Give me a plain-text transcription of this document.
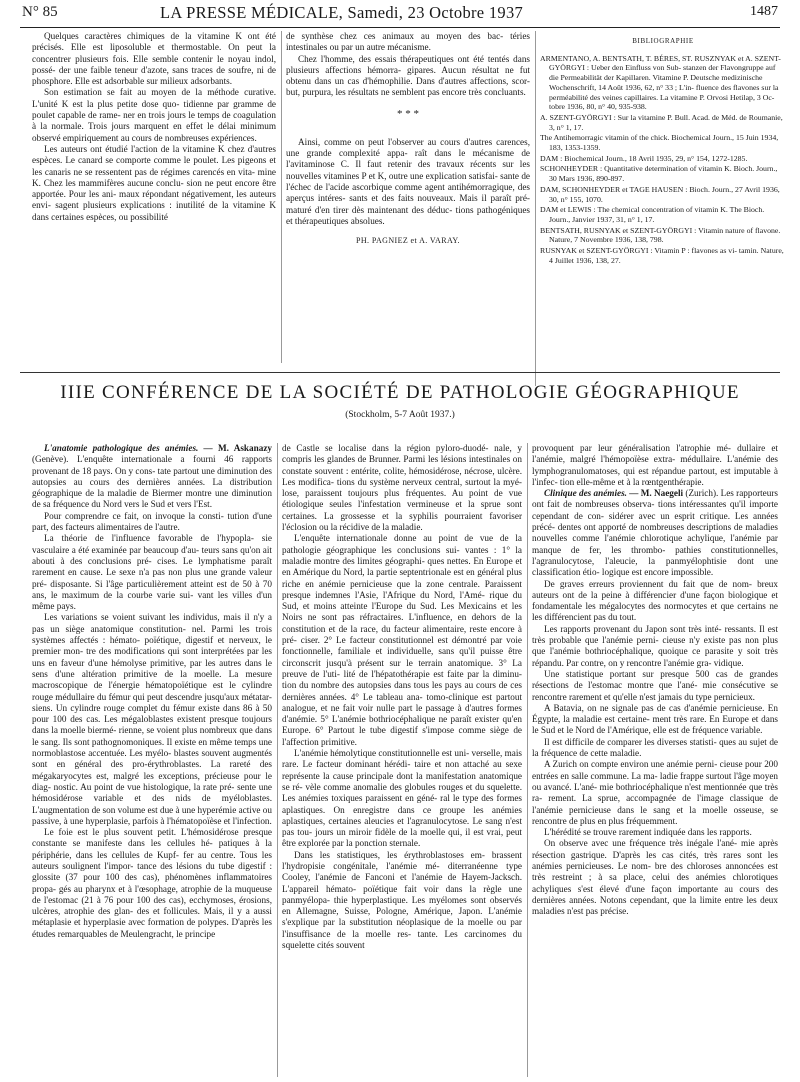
N° 85	LA PRESSE MÉDICALE, Samedi, 23 Octobre 1937	1487

Quelques caractères chimiques de la vitamine K ont été précisés. Elle est liposoluble et thermostable. On peut la concentrer plusieurs fois. Elle semble contenir le noyau indol, possé- der une faible teneur d'azote, sans traces de soufre, ni de phosphore. Elle est adsorbable sur milieux adsorbants.

Son estimation se fait au moyen de la méthode curative. L'unité K est la plus petite dose quo- tidienne par gramme de poulet capable de rame- ner en trois jours le temps de coagulation à la normale. Trois jours marquent en effet le délai minimum observé empiriquement au cours de nombreuses expériences.

Les auteurs ont étudié l'action de la vitamine K chez d'autres espèces. Le canard se comporte comme le poulet. Les pigeons et les canaris ne se ressentent pas de régimes carencés en vita- mine K. Chez les mammifères aucune conclu- sion ne peut encore être apportée. Pour les ani- maux répondant négativement, les auteurs envi- sagent plusieurs explications : inutilité de la vitamine K dans certaines espèces, ou possibilité

de synthèse chez ces animaux au moyen des bac- téries intestinales ou par un autre mécanisme.

Chez l'homme, des essais thérapeutiques ont été tentés dans plusieurs affections hémorra- gipares. Aucun résultat ne fut obtenu dans un cas d'hémophilie. Dans d'autres affections, scor- but, purpura, les résultats ne semblent pas encore très concluants.

* * *

Ainsi, comme on peut l'observer au cours d'autres carences, une grande complexité appa- raît dans le mécanisme de l'avitaminose C. Il faut retenir des travaux récents sur les nouvelles vitamines P et K, outre une explication satisfai- sante de l'échec de l'acide ascorbique comme agent antihémorragique, des aperçus intéres- sants et des faits nouveaux. Mais il paraît pré- maturé d'en tirer dès maintenant des déduc- tions pathogéniques et thérapeutiques absolues.

PH. PAGNIEZ et A. VARAY.

BIBLIOGRAPHIE

ARMENTANO, A. BENTSATH, T. BÉRES, ST. RUSZNYAK et A. SZENT-GYÖRGYI : Ueber den Einfluss von Sub- stanzen der Flavongruppe auf die Permeabilität der Kapillaren. Vitamine P. Deutsche medizinische Wochenschrift, 14 Août 1936, 62, n° 33 ; L'in- fluence des flavones sur la perméabilité des veines capillaires. La vitamine P. Orvosi Hetilap, 3 Oc- tobre 1936, 80, n° 40, 935-938.

A. SZENT-GYÖRGYI : Sur la vitamine P. Bull. Acad. de Méd. de Roumanie, 3, n° 1, 17.

The Antihemorragic vitamin of the chick. Biochemical Journ., 15 Juin 1934, 183, 1353-1359.

DAM : Biochemical Journ., 18 Avril 1935, 29, n° 154, 1272-1285.

SCHONHEYDER : Quantitative determination of vitamin K. Bioch. Journ., 30 Mars 1936, 890-897.

DAM, SCHONHEYDER et TAGE HAUSEN : Bioch. Journ., 27 Avril 1936, 30, n° 155, 1070.

DAM et LEWIS : The chemical concentration of vitamin K. The Bioch. Journ., Janvier 1937, 31, n° 1, 17.

BENTSATH, RUSNYAK et SZENT-GYÖRGYI : Vitamin nature of flavone. Nature, 7 Novembre 1936, 138, 798.

RUSNYAK et SZENT-GYÖRGYI : Vitamin P : flavones as vi- tamin. Nature, 4 Juillet 1936, 138, 27.

IIIE CONFÉRENCE DE LA SOCIÉTÉ DE PATHOLOGIE GÉOGRAPHIQUE
(Stockholm, 5-7 Août 1937.)

L'anatomie pathologique des anémies. — M. Askanazy (Genève). L'enquête internationale a fourni 46 rapports provenant de 18 pays. On y cons- tate partout une diminution des autopsies au cours des dernières années. La distribution géographique de la maladie de Biermer montre une diminution de sa fréquence du Nord vers le Sud et vers l'Est.

Pour comprendre ce fait, on invoque la consti- tution d'une part, des facteurs alimentaires de l'autre.

La théorie de l'influence favorable de l'hypopla- sie vasculaire a été examinée par beaucoup d'au- teurs sans qu'on ait abouti à des conclusions pré- cises. Le lymphatisme paraît rarement en cause. Le sexe n'a pas non plus une grande valeur pré- disposante. Si l'âge particulièrement atteint est de 50 à 70 ans, le maximum de la courbe varie sui- vant les villes d'un même pays.

Les variations se voient suivant les individus, mais il n'y a pas un siège anatomique constitution- nel. Parmi les trois systèmes affectés : hémato- poïétique, digestif et nerveux, le premier mon- tre des modifications qui sont interprétées par les uns en faveur d'une hémolyse primitive, par les autres dans le sens d'une altération primitive de la moelle. La mesure macroscopique de l'énergie hématopoïétique est le cylindre rouge médullaire du fémur qui peut descendre jusqu'aux métatar- siens. Un cylindre rouge complet du fémur existe dans 86 à 50 pour 100 des cas. Les mégaloblastes existent presque toujours dans la moelle biermé- rienne, se voient plus nombreux que dans le sang. Ils sont pathognomoniques. Il existe en même temps une normoblastose accentuée. Les myélo- blastes souvent augmentés sont en général des pro-érythroblastes. La rareté des mégakaryocytes est, malgré les exceptions, précieuse pour le diag- nostic. Au point de vue histologique, la rate pré- sente une hémosidérose variable et des nids de myéloblastes. L'augmentation de son volume est due à une hyperémie active ou passive, à une hyperplasie, parfois à l'hématopoïèse et l'infection.

Le foie est le plus souvent petit. L'hémosidérose presque constante se manifeste dans les cellules hé- patiques à la périphérie, dans les cellules de Kupf- fer au centre. Tous les auteurs soulignent l'impor- tance des lésions du tube digestif : glossite (37 pour 100 des cas), phénomènes inflammatoires propa- gés au pharynx et à l'œsophage, atrophie de la muqueuse de l'estomac (21 à 76 pour 100 des cas), ecchymoses, érosions, ulcères, atrophie des glan- des et follicules. Mais, il y a aussi métaplasie et hyperplasie avec formation de polypes. D'après les études remarquables de Meulengracht, le principe

de Castle se localise dans la région pyloro-duodé- nale, y compris les glandes de Brunner. Parmi les lésions intestinales on constate souvent : entérite, colite, hémosidérose, nécrose, ulcère. Les modifica- tions du système nerveux central, surtout la myé- lose, paraissent toujours plus fréquentes. Au point de vue étiologique seules l'infestation vermineuse et la sprue sont certaines. La grossesse et la syphilis pourraient favoriser l'éclosion ou la récidive de la maladie.

L'enquête internationale donne au point de vue de la pathologie géographique les conclusions sui- vantes : 1° la maladie montre des limites géographi- ques nettes. En Europe et en Amérique du Nord, la partie septentrionale est en général plus riche en anémie pernicieuse que la zone centrale. Paraissent presque indemnes l'Asie, l'Afrique du Nord, l'Amé- rique du Sud, et moins atteinte l'Europe du Sud. Les Mexicains et les Noirs ne sont pas réfractaires. L'influence, en dehors de la constitution et de la race, du facteur alimentaire, reste encore à pré- ciser. 2° Le facteur constitutionnel est démontré par voie fonctionnelle, familiale et individuelle, sans qu'il puisse être circonscrit jusqu'à présent sur le terrain anatomique. 3° La preuve de l'uti- lité de l'hépatothérapie est faite par la diminu- tion du nombre des autopsies dans tous les pays au cours de ces dernières années. 4° Le tableau ana- tomo-clinique est partout analogue, et ne fait voir nulle part le passage à d'autres formes d'anémie. 5° L'anémie bothriocéphalique ne paraît exister qu'en Europe. 6° Partout le tube digestif s'impose comme siège de l'affection primitive.

L'anémie hémolytique constitutionnelle est uni- verselle, mais rare. Le facteur dominant hérédi- taire et non attaché au sexe représente la cause principale dont la manifestation anatomique se ré- vèle comme anomalie des globules rouges et du squelette. Les anémies toxiques paraissent en géné- ral le type des formes aplastiques. On enregistre dans ce groupe les anémies aplastiques, certaines aleucies et l'agranulocytose. Le sang n'est pas tou- jours un miroir fidèle de la moelle qui, il est vrai, peut être explorée par la ponction sternale.

Dans les statistiques, les érythroblastoses em- brassent l'hydropisie congénitale, l'anémie mé- diterranéenne type Cooley, l'anémie de Fanconi et l'anémie de Hayem-Jacksch. L'appareil hémato- poïétique fait voir dans la règle une panmyélopa- thie hyperplastique. Les myélomes sont observés en Allemagne, Suisse, Pologne, Amérique, Japon. L'anémie s'explique par la substitution néoplasique de la moelle ou par l'insuffisance de la moelle res- tante. Les carcinomes du squelette cités souvent

provoquent par leur généralisation l'atrophie mé- dullaire et l'anémie, malgré l'hémopoïèse extra- médullaire. L'anémie des lymphogranulomatoses, qui est répandue partout, est imputable à l'infec- tion elle-même et à la rœntgenthérapie.

Clinique des anémies. — M. Naegeli (Zurich). Les rapporteurs ont fait de nombreuses observa- tions intéressantes qu'il importe cependant de con- sidérer avec un esprit critique. Les années précé- dentes ont apporté de nombreuses descriptions de maladies nouvelles comme l'anémie chlorotique achylique, l'anémie par manque de fer, les thrombo- pathies constitutionnelles, l'agranulocytose, l'aleucie, la panmyélophtisie dont une classification étio- logique est encore impossible.

De graves erreurs proviennent du fait que de nom- breux auteurs ont de la peine à différencier d'une façon biologique et fondamentale les mégalocytes des normocytes et que certains ne les différencient pas du tout.

Les rapports provenant du Japon sont très inté- ressants. Il est très probable que l'anémie perni- cieuse n'y existe pas non plus que l'anémie bothriocéphalique, quoique ce parasite y soit très répandu. Par contre, on y rencontre l'anémie gra- vidique.

Une statistique portant sur presque 500 cas de grandes résections de l'estomac montre que l'ané- mie consécutive se rencontre rarement et qu'elle n'est jamais du type pernicieux.

A Batavia, on ne signale pas de cas d'anémie pernicieuse. En Égypte, la maladie est certaine- ment très rare. En Europe et dans le Sud et le Nord de l'Amérique, elle est de fréquence variable.

Il est difficile de comparer les diverses statisti- ques au sujet de la fréquence de cette maladie.

A Zurich on compte environ une anémie perni- cieuse pour 200 entrées en salle commune. La ma- ladie frappe surtout l'âge moyen ou avancé. L'ané- mie bothriocéphalique n'est mentionnée que très ra- rement. La sprue, accompagnée de l'image classique de l'anémie pernicieuse dans le sang et la moelle osseuse, se rencontre de plus en plus fréquemment.

L'hérédité se trouve rarement indiquée dans les rapports.

On observe avec une fréquence très inégale l'ané- mie après résection gastrique. D'après les cas cités, très rares sont les anémies pernicieuses. Le nom- bre des chloroses annoncées est très restreint ; à sa place, celui des anémies chlorotiques achyliques s'est élevé d'une façon importante au cours des dernières années. Notons cependant, que la limite entre les deux maladies n'est pas précise.
